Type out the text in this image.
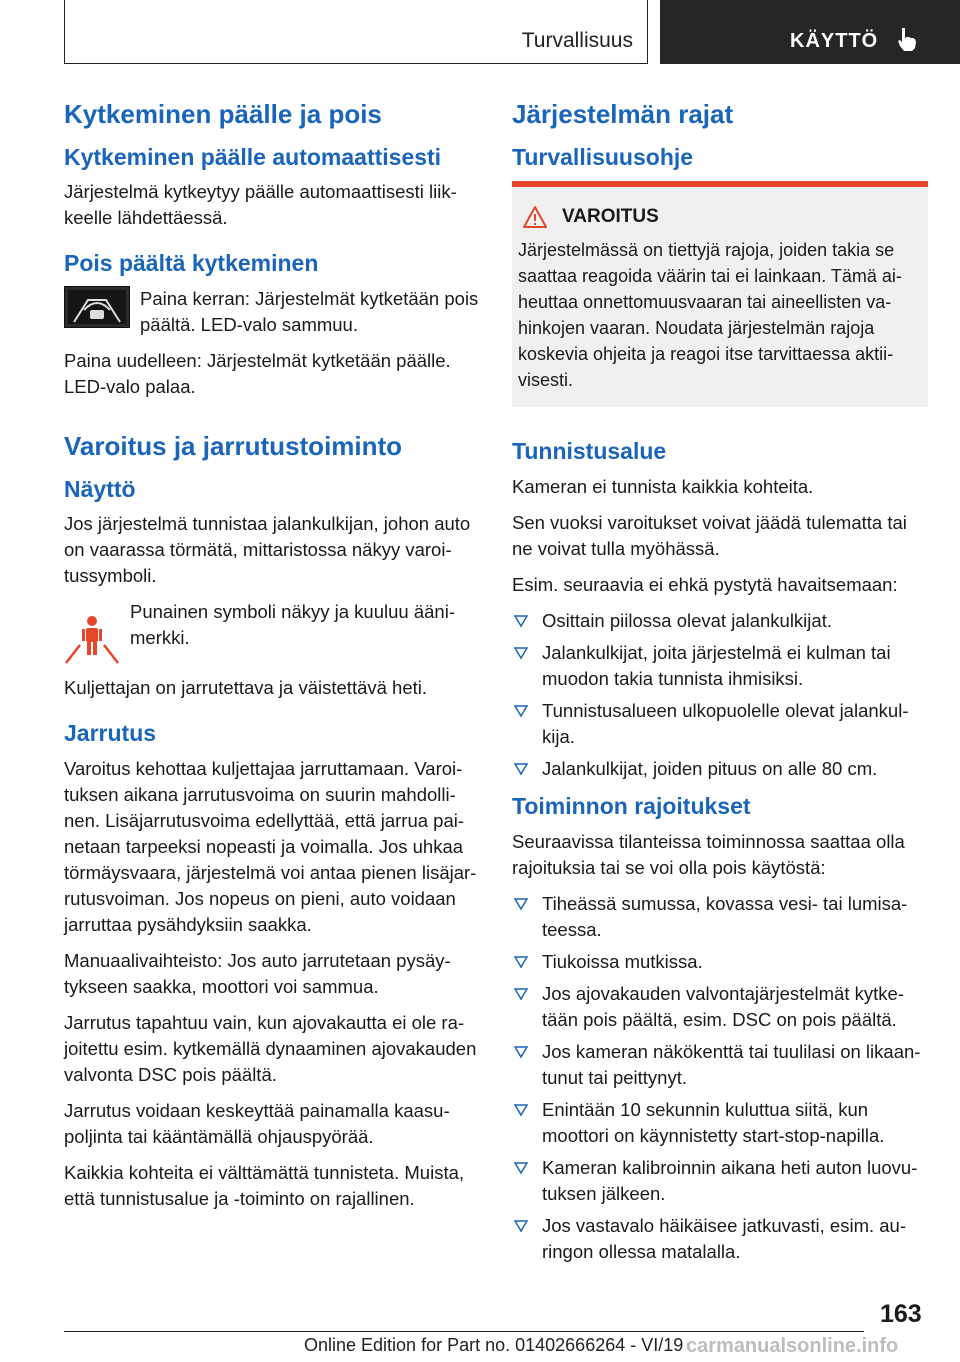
Turvallisuus	KÄYTTÖ
Kytkeminen päälle ja pois
Kytkeminen päälle automaattisesti

Järjestelmä kytkeytyy päälle automaattisesti liikkeelle lähdettäessä.

Pois päältä kytkeminen

Paina kerran: Järjestelmät kytketään pois päältä. LED-valo sammuu.

Paina uudelleen: Järjestelmät kytketään päälle. LED-valo palaa.

Varoitus ja jarrutustoiminto
Näyttö

Jos järjestelmä tunnistaa jalankulkijan, johon auto on vaarassa törmätä, mittaristossa näkyy varoitussymboli.

Punainen symboli näkyy ja kuuluu äänimerkki.

Kuljettajan on jarrutettava ja väistettävä heti.

Jarrutus

Varoitus kehottaa kuljettajaa jarruttamaan. Varoituksen aikana jarrutusvoima on suurin mahdollinen. Lisäjarrutusvoima edellyttää, että jarrua painetaan tarpeeksi nopeasti ja voimalla. Jos uhkaa törmäysvaara, järjestelmä voi antaa pienen lisäjarrutusvoiman. Jos nopeus on pieni, auto voidaan jarruttaa pysähdyksiin saakka.

Manuaalivaihteisto: Jos auto jarrutetaan pysäytykseen saakka, moottori voi sammua.

Jarrutus tapahtuu vain, kun ajovakautta ei ole rajoitettu esim. kytkemällä dynaaminen ajovakauden valvonta DSC pois päältä.

Jarrutus voidaan keskeyttää painamalla kaasupoljinta tai kääntämällä ohjauspyörää.

Kaikkia kohteita ei välttämättä tunnisteta. Muista, että tunnistusalue ja -toiminto on rajallinen.

Järjestelmän rajat
Turvallisuusohje
VAROITUS

Järjestelmässä on tiettyjä rajoja, joiden takia se saattaa reagoida väärin tai ei lainkaan. Tämä aiheuttaa onnettomuusvaaran tai aineellisten vahinkojen vaaran. Noudata järjestelmän rajoja koskevia ohjeita ja reagoi itse tarvittaessa aktiivisesti.

Tunnistusalue

Kameran ei tunnista kaikkia kohteita.

Sen vuoksi varoitukset voivat jäädä tulematta tai ne voivat tulla myöhässä.

Esim. seuraavia ei ehkä pystytä havaitsemaan:

Osittain piilossa olevat jalankulkijat.
Jalankulkijat, joita järjestelmä ei kulman tai muodon takia tunnista ihmisiksi.
Tunnistusalueen ulkopuolelle olevat jalankulkija.
Jalankulkijat, joiden pituus on alle 80 cm.
Toiminnon rajoitukset

Seuraavissa tilanteissa toiminnossa saattaa olla rajoituksia tai se voi olla pois käytöstä:

Tiheässä sumussa, kovassa vesi- tai lumisateessa.
Tiukoissa mutkissa.
Jos ajovakauden valvontajärjestelmät kytketään pois päältä, esim. DSC on pois päältä.
Jos kameran näkökenttä tai tuulilasi on likaantunut tai peittynyt.
Enintään 10 sekunnin kuluttua siitä, kun moottori on käynnistetty start-stop-napilla.
Kameran kalibroinnin aikana heti auton luovutuksen jälkeen.
Jos vastavalo häikäisee jatkuvasti, esim. auringon ollessa matalalla.
163
Online Edition for Part no. 01402666264 - VI/19 carmanualsonline.info
